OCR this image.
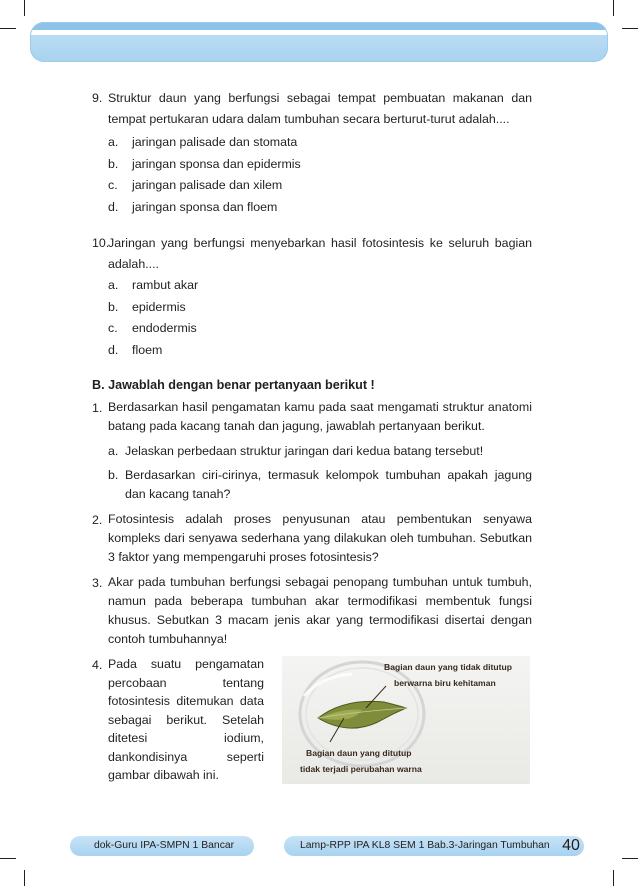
9. Struktur daun yang berfungsi sebagai tempat pembuatan makanan dan tempat pertukaran udara dalam tumbuhan secara berturut-turut adalah....
a.	jaringan palisade dan stomata
b.	jaringan sponsa dan epidermis
c.	jaringan palisade dan xilem
d.	jaringan sponsa dan floem
10.
Jaringan yang berfungsi menyebarkan hasil fotosintesis ke seluruh bagian adalah....
a.	rambut akar
b.	epidermis
c.	endodermis
d.	floem
B. Jawablah dengan benar pertanyaan berikut !
1. Berdasarkan hasil pengamatan kamu pada saat mengamati struktur anatomi batang pada kacang tanah dan jagung, jawablah pertanyaan berikut.
a. Jelaskan perbedaan struktur jaringan dari kedua batang tersebut!
b. Berdasarkan ciri-cirinya, termasuk kelompok tumbuhan apakah jagung dan kacang tanah?
2. Fotosintesis adalah proses penyusunan atau pembentukan senyawa kompleks dari senyawa sederhana yang dilakukan oleh tumbuhan. Sebutkan 3 faktor yang mempengaruhi proses fotosintesis?
3. Akar pada tumbuhan berfungsi sebagai penopang tumbuhan untuk tumbuh, namun pada beberapa tumbuhan akar termodifikasi membentuk fungsi khusus. Sebutkan 3 macam jenis akar yang termodifikasi disertai dengan contoh tumbuhannya!
4. Pada suatu pengamatan percobaan tentang fotosintesis ditemukan data sebagai berikut. Setelah ditetesi iodium, dankondisinya seperti gambar dibawah ini.
Bagian daun yang tidak ditutup
berwarna biru kehitaman
Bagian daun yang ditutup
tidak terjadi perubahan warna
dok-Guru IPA-SMPN 1 Bancar	Lamp-RPP IPA KL8 SEM 1 Bab.3-Jaringan Tumbuhan 40
